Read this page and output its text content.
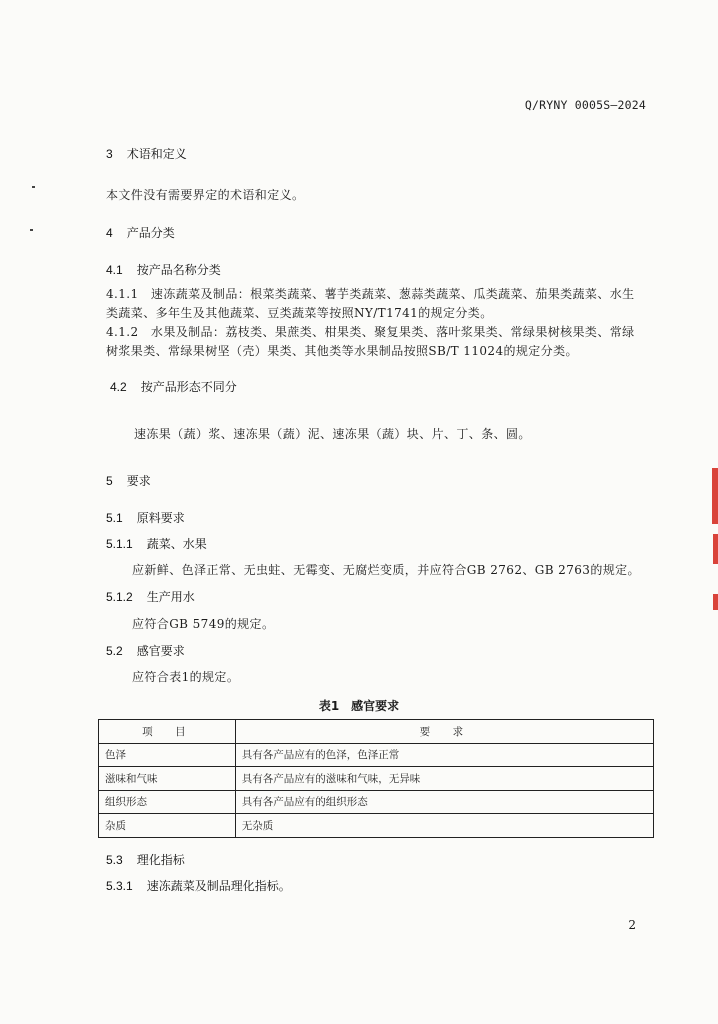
Q/RYNY 0005S—2024
3 术语和定义
本文件没有需要界定的术语和定义。
4 产品分类
4.1 按产品名称分类
4.1.1　速冻蔬菜及制品：根菜类蔬菜、薯芋类蔬菜、葱蒜类蔬菜、瓜类蔬菜、茄果类蔬菜、水生
类蔬菜、多年生及其他蔬菜、豆类蔬菜等按照NY/T1741的规定分类。
4.1.2　水果及制品：荔枝类、果蔗类、柑果类、聚复果类、落叶浆果类、常绿果树核果类、常绿
树浆果类、常绿果树坚（壳）果类、其他类等水果制品按照SB/T 11024的规定分类。
4.2 按产品形态不同分
速冻果（蔬）浆、速冻果（蔬）泥、速冻果（蔬）块、片、丁、条、圆。
5 要求
5.1 原料要求
5.1.1 蔬菜、水果
应新鲜、色泽正常、无虫蛀、无霉变、无腐烂变质，并应符合GB 2762、GB 2763的规定。
5.1.2 生产用水
应符合GB 5749的规定。
5.2 感官要求
应符合表1的规定。
表1　感官要求
项　目	要　求
色泽	具有各产品应有的色泽，色泽正常
滋味和气味	具有各产品应有的滋味和气味，无异味
组织形态	具有各产品应有的组织形态
杂质	无杂质
5.3 理化指标
5.3.1 速冻蔬菜及制品理化指标。
2
